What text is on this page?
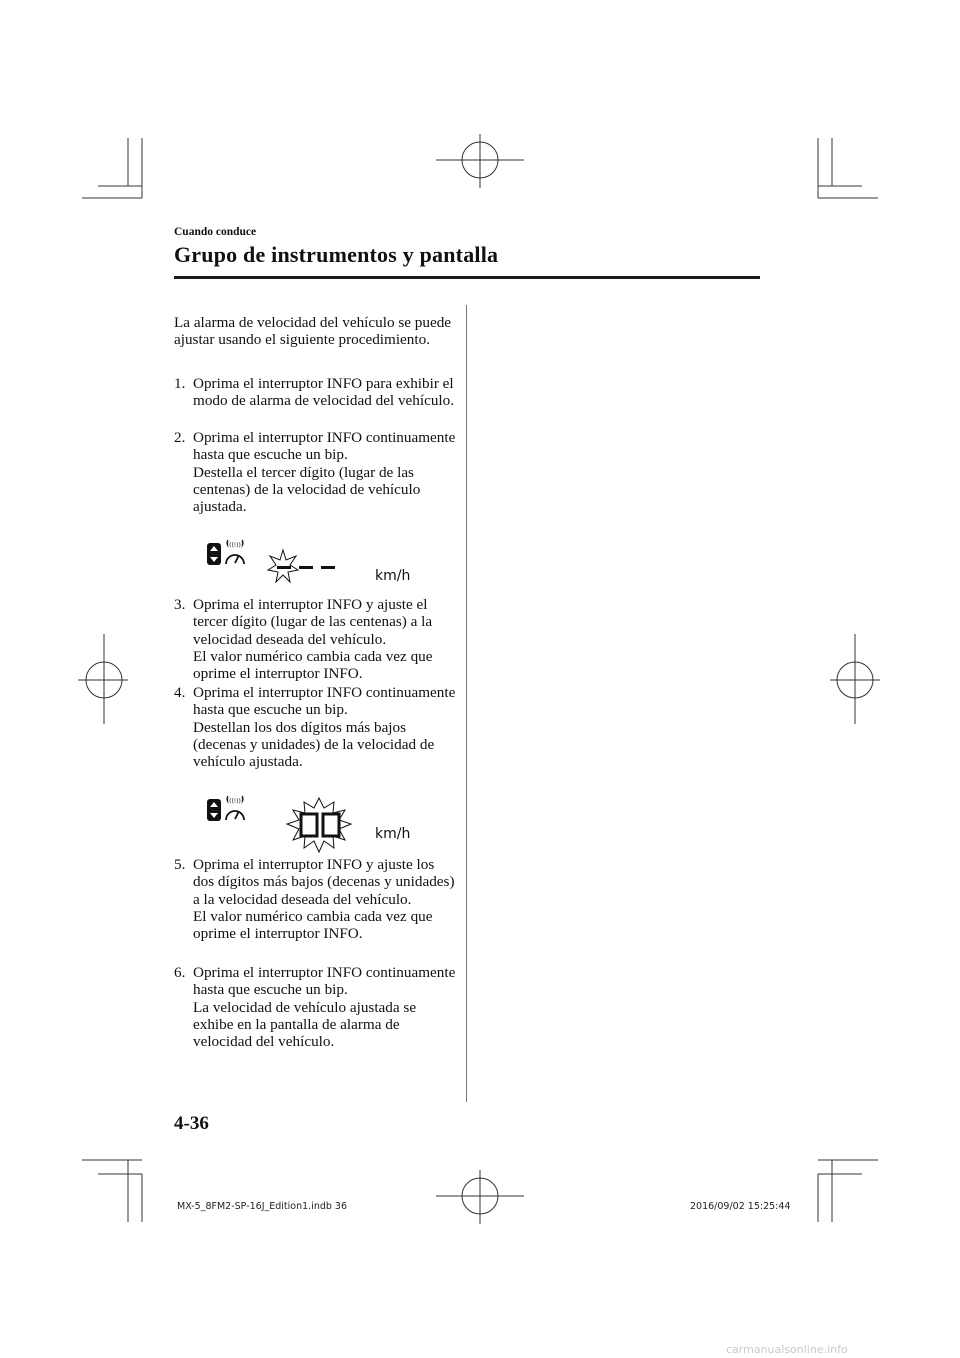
Cuando conduce
Grupo de instrumentos y pantalla
La alarma de velocidad del vehículo se puede ajustar usando el siguiente procedimiento.
1. Oprima el interruptor INFO para exhibir el modo de alarma de velocidad del vehículo.
2. Oprima el interruptor INFO continuamente hasta que escuche un bip.
Destella el tercer dígito (lugar de las centenas) de la velocidad de vehículo ajustada.
(((!)))
km/h
3. Oprima el interruptor INFO y ajuste el tercer dígito (lugar de las centenas) a la velocidad deseada del vehículo.
El valor numérico cambia cada vez que oprime el interruptor INFO.
4. Oprima el interruptor INFO continuamente hasta que escuche un bip.
Destellan los dos dígitos más bajos (decenas y unidades) de la velocidad de vehículo ajustada.
(((!)))
km/h
5. Oprima el interruptor INFO y ajuste los dos dígitos más bajos (decenas y unidades) a la velocidad deseada del vehículo.
El valor numérico cambia cada vez que oprime el interruptor INFO.
6. Oprima el interruptor INFO continuamente hasta que escuche un bip.
La velocidad de vehículo ajustada se exhibe en la pantalla de alarma de velocidad del vehículo.
4-36
MX-5_8FM2-SP-16J_Edition1.indb 36	2016/09/02 15:25:44
carmanualsonline.info
